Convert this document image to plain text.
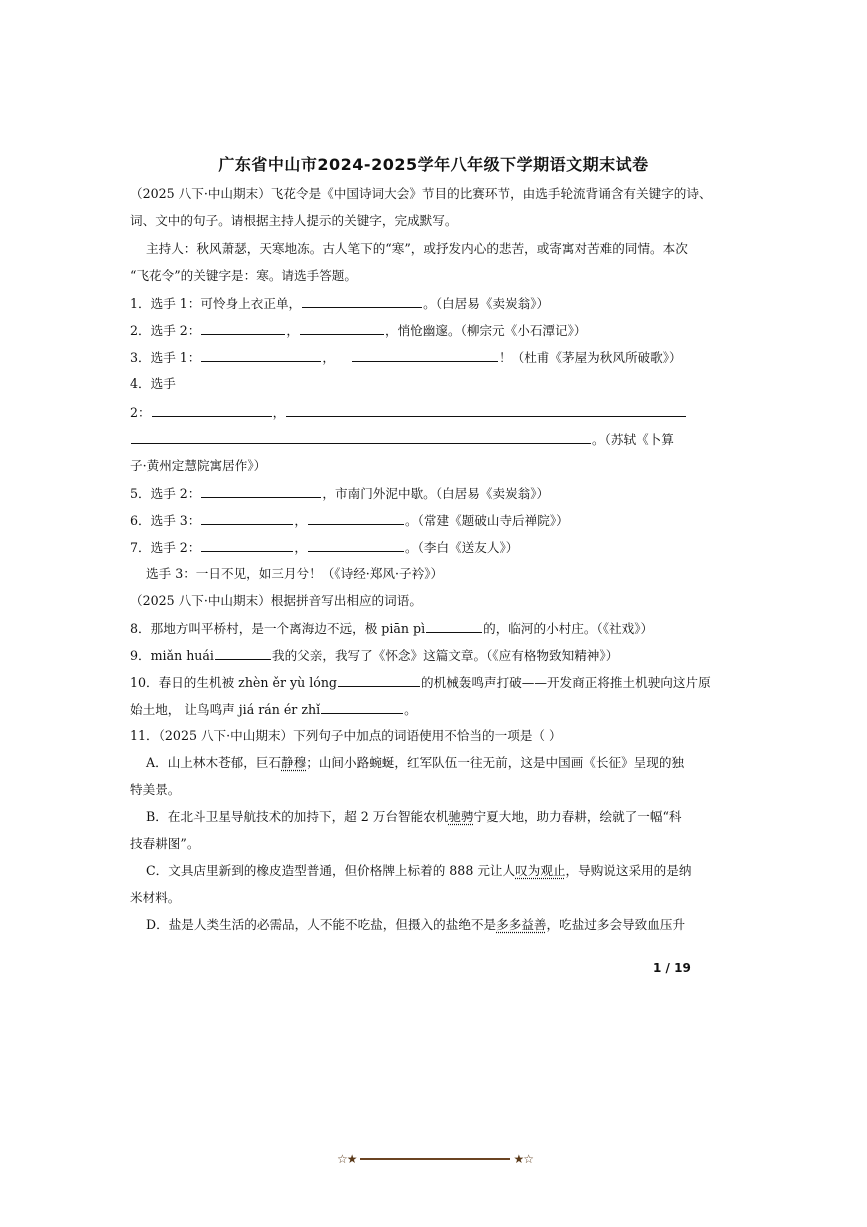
广东省中山市2024-2025学年八年级下学期语文期末试卷
（2025 八下·中山期末）飞花令是《中国诗词大会》节目的比赛环节，由选手轮流背诵含有关键字的诗、
词、文中的句子。请根据主持人提示的关键字，完成默写。
主持人：秋风萧瑟，天寒地冻。古人笔下的“寒”，或抒发内心的悲苦，或寄寓对苦难的同情。本次
“飞花令”的关键字是：寒。请选手答题。
1．选手 1：可怜身上衣正单，	。（白居易《卖炭翁》）
2．选手 2：	，	，悄怆幽邃。（柳宗元《小石潭记》）
3．选手 1：	，	！（杜甫《茅屋为秋风所破歌》）
4．选手
2：	，
。（苏轼《卜算
子·黄州定慧院寓居作》）
5．选手 2：	，市南门外泥中歇。（白居易《卖炭翁》）
6．选手 3：	，	。（常建《题破山寺后禅院》）
7．选手 2：	，	。（李白《送友人》）
选手 3：一日不见，如三月兮！（《诗经·郑风·子衿》）
（2025 八下·中山期末）根据拼音写出相应的词语。
8．那地方叫平桥村，是一个离海边不远，极 piān pì	的，临河的小村庄。（《社戏》）
9．miǎn huái	我的父亲，我写了《怀念》这篇文章。（《应有格物致知精神》）
10．春日的生机被 zhèn ěr yù lóng	的机械轰鸣声打破——开发商正将推土机驶向这片原
始土地， 让鸟鸣声 jiá rán ér zhǐ	。
11．（2025 八下·中山期末）下列句子中加点的词语使用不恰当的一项是（ ）
A．山上林木苍郁，巨石静穆；山间小路蜿蜒，红军队伍一往无前，这是中国画《长征》呈现的独
特美景。
B．在北斗卫星导航技术的加持下，超 2 万台智能农机驰骋宁夏大地，助力春耕，绘就了一幅“科
技春耕图”。
C．文具店里新到的橡皮造型普通，但价格牌上标着的 888 元让人叹为观止，导购说这采用的是纳
米材料。
D．盐是人类生活的必需品，人不能不吃盐，但摄入的盐绝不是多多益善，吃盐过多会导致血压升
1 / 19
☆★	★☆
